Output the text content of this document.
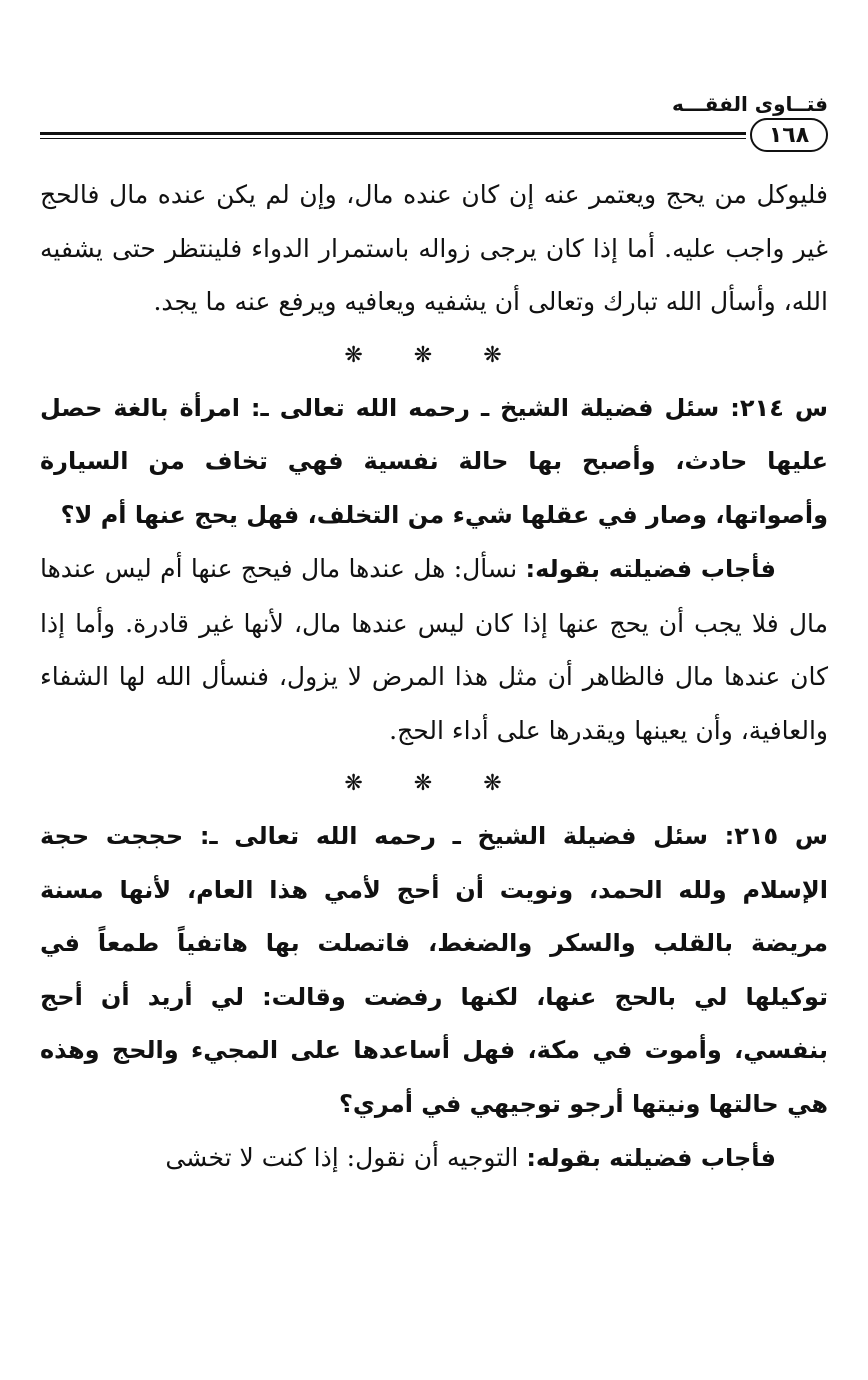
فتــاوى الفقـــه
١٦٨

فليوكل من يحج ويعتمر عنه إن كان عنده مال، وإن لم يكن عنده مال فالحج غير واجب عليه. أما إذا كان يرجى زواله باستمرار الدواء فلينتظر حتى يشفيه الله، وأسأل الله تبارك وتعالى أن يشفيه ويعافيه ويرفع عنه ما يجد.

❋ ❋ ❋

س ٢١٤: سئل فضيلة الشيخ ـ رحمه الله تعالى ـ: امرأة بالغة حصل عليها حادث، وأصبح بها حالة نفسية فهي تخاف من السيارة وأصواتها، وصار في عقلها شيء من التخلف، فهل يحج عنها أم لا؟

فأجاب فضيلته بقوله: نسأل: هل عندها مال فيحج عنها أم ليس عندها مال فلا يجب أن يحج عنها إذا كان ليس عندها مال، لأنها غير قادرة. وأما إذا كان عندها مال فالظاهر أن مثل هذا المرض لا يزول، فنسأل الله لها الشفاء والعافية، وأن يعينها ويقدرها على أداء الحج.

❋ ❋ ❋

س ٢١٥: سئل فضيلة الشيخ ـ رحمه الله تعالى ـ: حججت حجة الإسلام ولله الحمد، ونويت أن أحج لأمي هذا العام، لأنها مسنة مريضة بالقلب والسكر والضغط، فاتصلت بها هاتفياً طمعاً في توكيلها لي بالحج عنها، لكنها رفضت وقالت: لي أريد أن أحج بنفسي، وأموت في مكة، فهل أساعدها على المجيء والحج وهذه هي حالتها ونيتها أرجو توجيهي في أمري؟

فأجاب فضيلته بقوله: التوجيه أن نقول: إذا كنت لا تخشى
